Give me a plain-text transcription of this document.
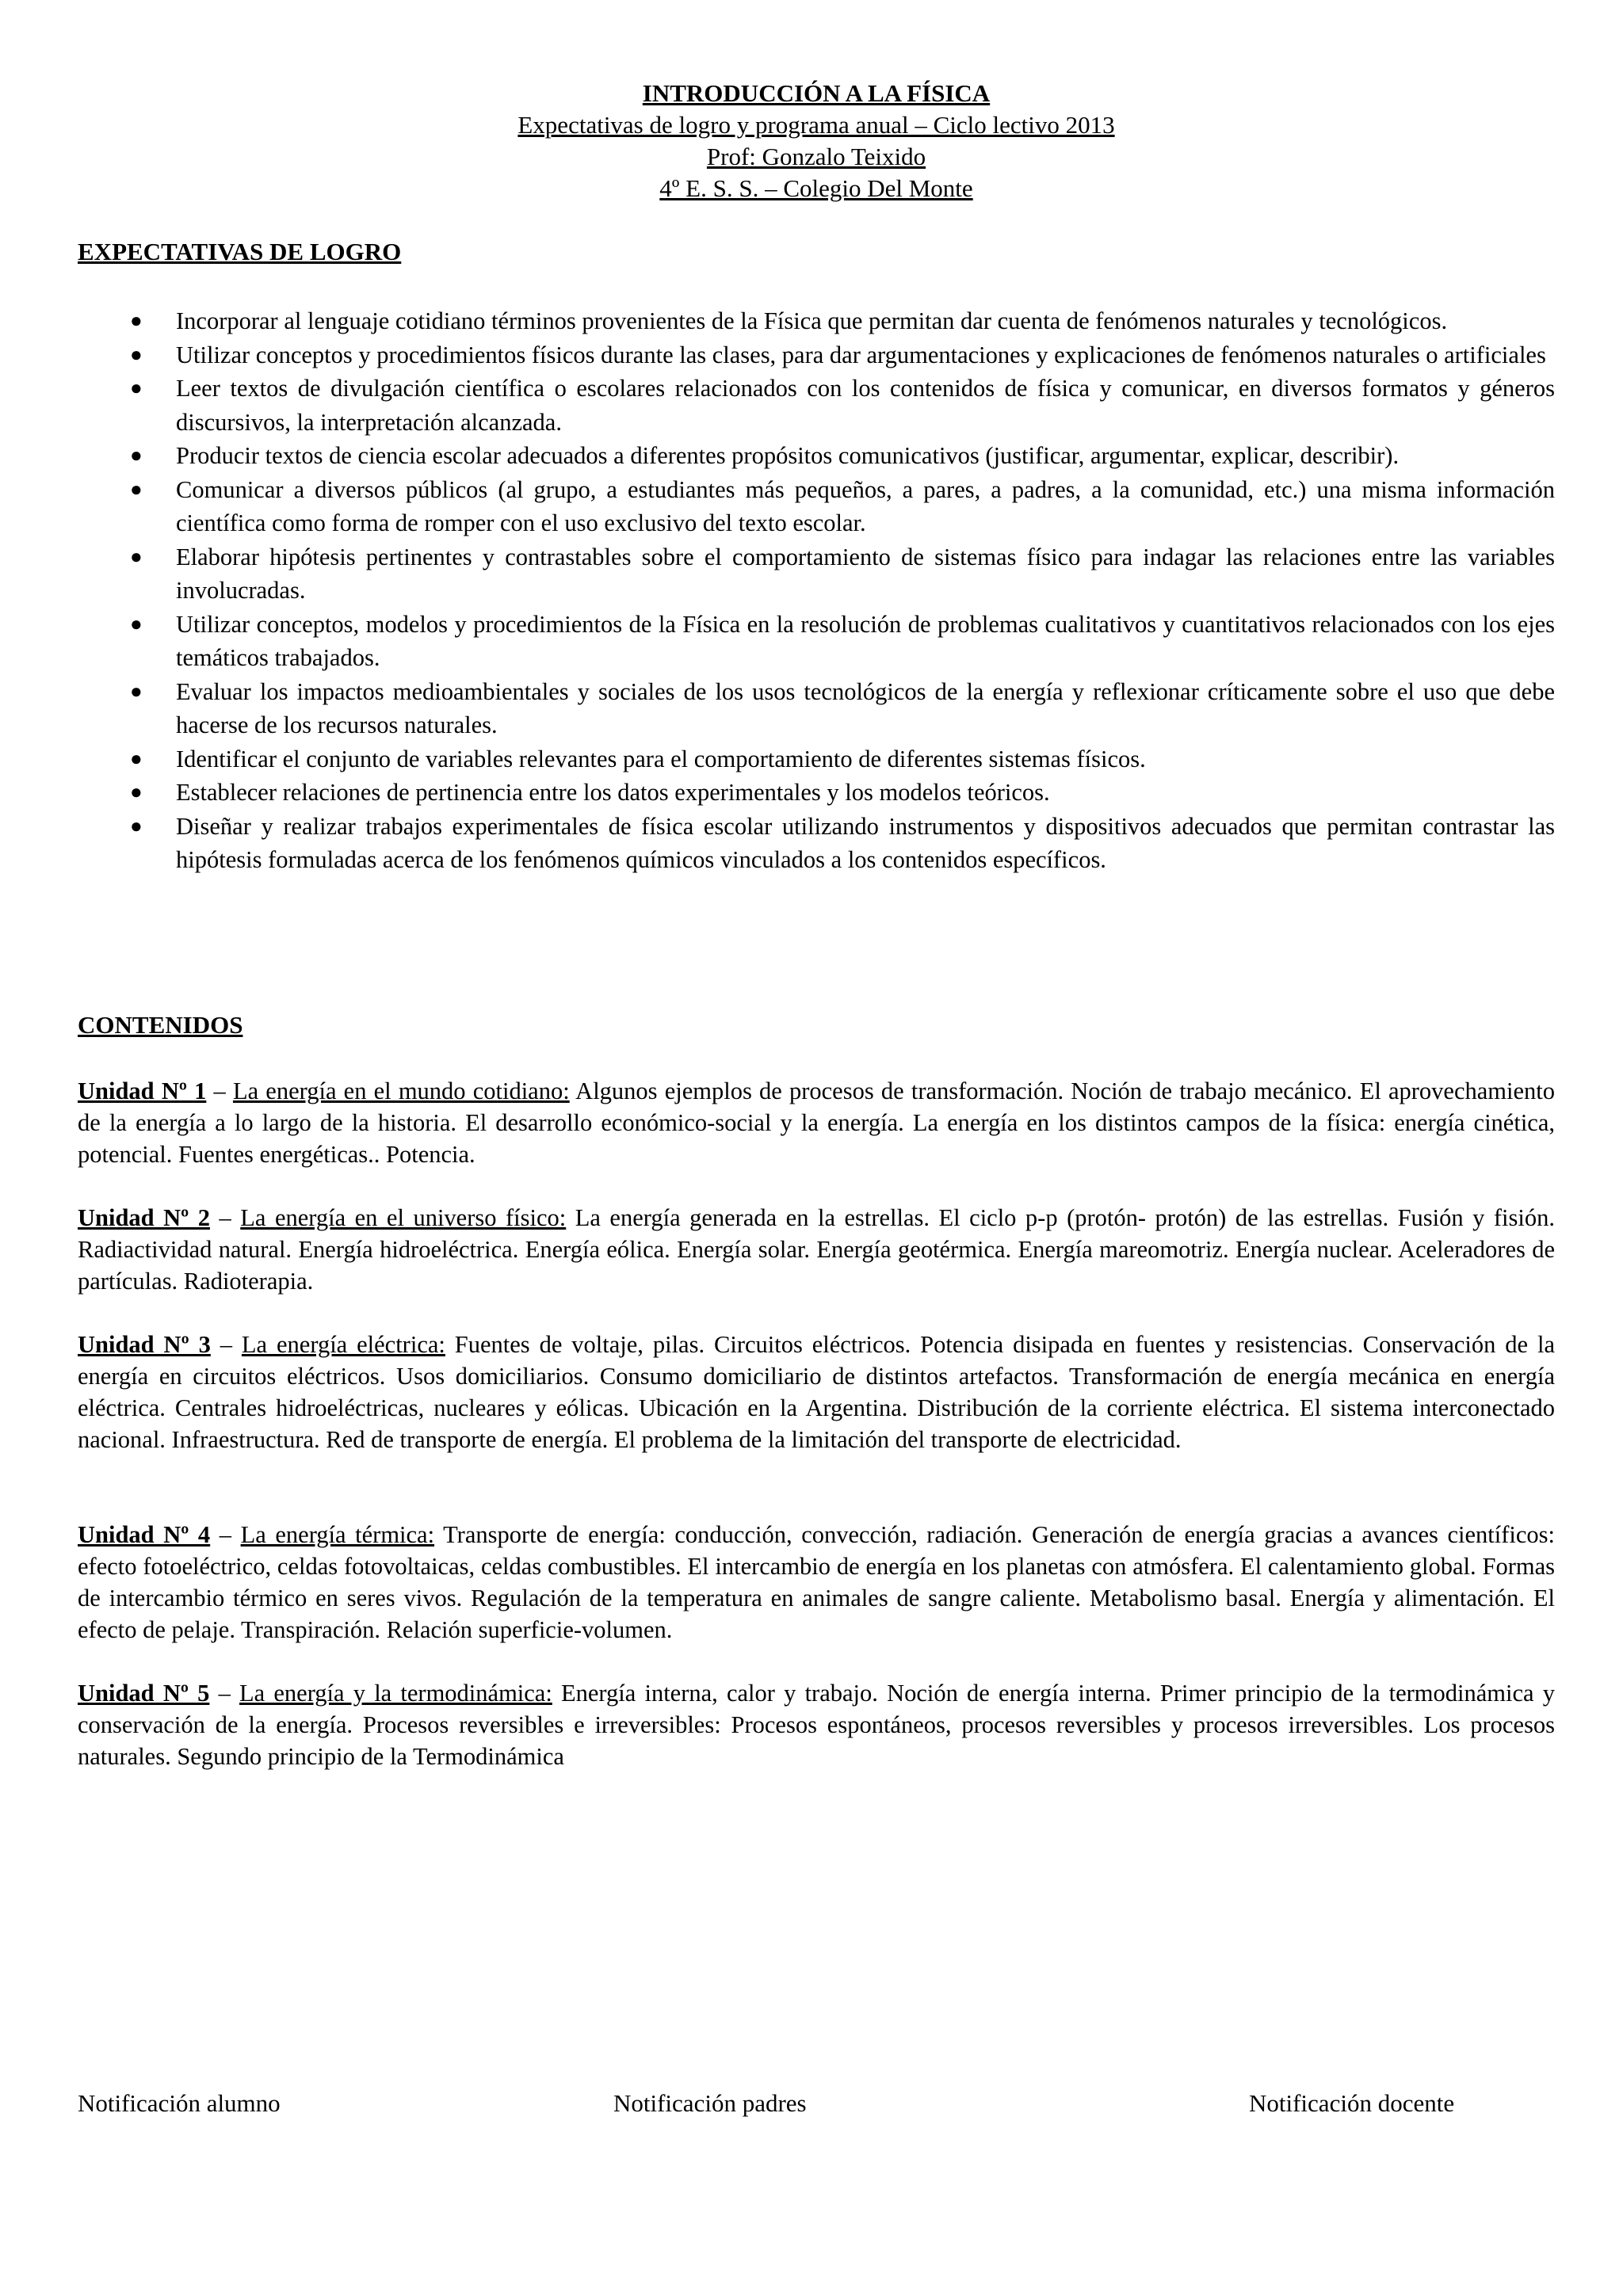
INTRODUCCIÓN A LA FÍSICA
Expectativas de logro y programa anual – Ciclo lectivo 2013
Prof: Gonzalo Teixido
4º E. S. S. – Colegio Del Monte
EXPECTATIVAS DE LOGRO
● Incorporar al lenguaje cotidiano términos provenientes de la Física que permitan dar cuenta de fenómenos naturales y tecnológicos.
● Utilizar conceptos y procedimientos físicos durante las clases, para dar argumentaciones y explicaciones de fenómenos naturales o artificiales
● Leer textos de divulgación científica o escolares relacionados con los contenidos de física y comunicar, en diversos formatos y géneros discursivos, la interpretación alcanzada.
● Producir textos de ciencia escolar adecuados a diferentes propósitos comunicativos (justificar, argumentar, explicar, describir).
● Comunicar a diversos públicos (al grupo, a estudiantes más pequeños, a pares, a padres, a la comunidad, etc.) una misma información científica como forma de romper con el uso exclusivo del texto escolar.
● Elaborar hipótesis pertinentes y contrastables sobre el comportamiento de sistemas físico para indagar las relaciones entre las variables involucradas.
● Utilizar conceptos, modelos y procedimientos de la Física en la resolución de problemas cualitativos y cuantitativos relacionados con los ejes temáticos trabajados.
● Evaluar los impactos medioambientales y sociales de los usos tecnológicos de la energía y reflexionar críticamente sobre el uso que debe hacerse de los recursos naturales.
● Identificar el conjunto de variables relevantes para el comportamiento de diferentes sistemas físicos.
● Establecer relaciones de pertinencia entre los datos experimentales y los modelos teóricos.
● Diseñar y realizar trabajos experimentales de física escolar utilizando instrumentos y dispositivos adecuados que permitan contrastar las hipótesis formuladas acerca de los fenómenos químicos vinculados a los contenidos específicos.
CONTENIDOS

Unidad Nº 1 – La energía en el mundo cotidiano: Algunos ejemplos de procesos de transformación. Noción de trabajo mecánico. El aprovechamiento de la energía a lo largo de la historia. El desarrollo económico-social y la energía. La energía en los distintos campos de la física: energía cinética, potencial. Fuentes energéticas.. Potencia.

Unidad Nº 2 – La energía en el universo físico: La energía generada en la estrellas. El ciclo p-p (protón- protón) de las estrellas. Fusión y fisión. Radiactividad natural. Energía hidroeléctrica. Energía eólica. Energía solar. Energía geotérmica. Energía mareomotriz. Energía nuclear. Aceleradores de partículas. Radioterapia.

Unidad Nº 3 – La energía eléctrica: Fuentes de voltaje, pilas. Circuitos eléctricos. Potencia disipada en fuentes y resistencias. Conservación de la energía en circuitos eléctricos. Usos domiciliarios. Consumo domiciliario de distintos artefactos. Transformación de energía mecánica en energía eléctrica. Centrales hidroeléctricas, nucleares y eólicas. Ubicación en la Argentina. Distribución de la corriente eléctrica. El sistema interconectado nacional. Infraestructura. Red de transporte de energía. El problema de la limitación del transporte de electricidad.

Unidad Nº 4 – La energía térmica: Transporte de energía: conducción, convección, radiación. Generación de energía gracias a avances científicos: efecto fotoeléctrico, celdas fotovoltaicas, celdas combustibles. El intercambio de energía en los planetas con atmósfera. El calentamiento global. Formas de intercambio térmico en seres vivos. Regulación de la temperatura en animales de sangre caliente. Metabolismo basal. Energía y alimentación. El efecto de pelaje. Transpiración. Relación superficie-volumen.

Unidad Nº 5 – La energía y la termodinámica: Energía interna, calor y trabajo. Noción de energía interna. Primer principio de la termodinámica y conservación de la energía. Procesos reversibles e irreversibles: Procesos espontáneos, procesos reversibles y procesos irreversibles. Los procesos naturales. Segundo principio de la Termodinámica

Notificación alumno	Notificación padres	Notificación docente
